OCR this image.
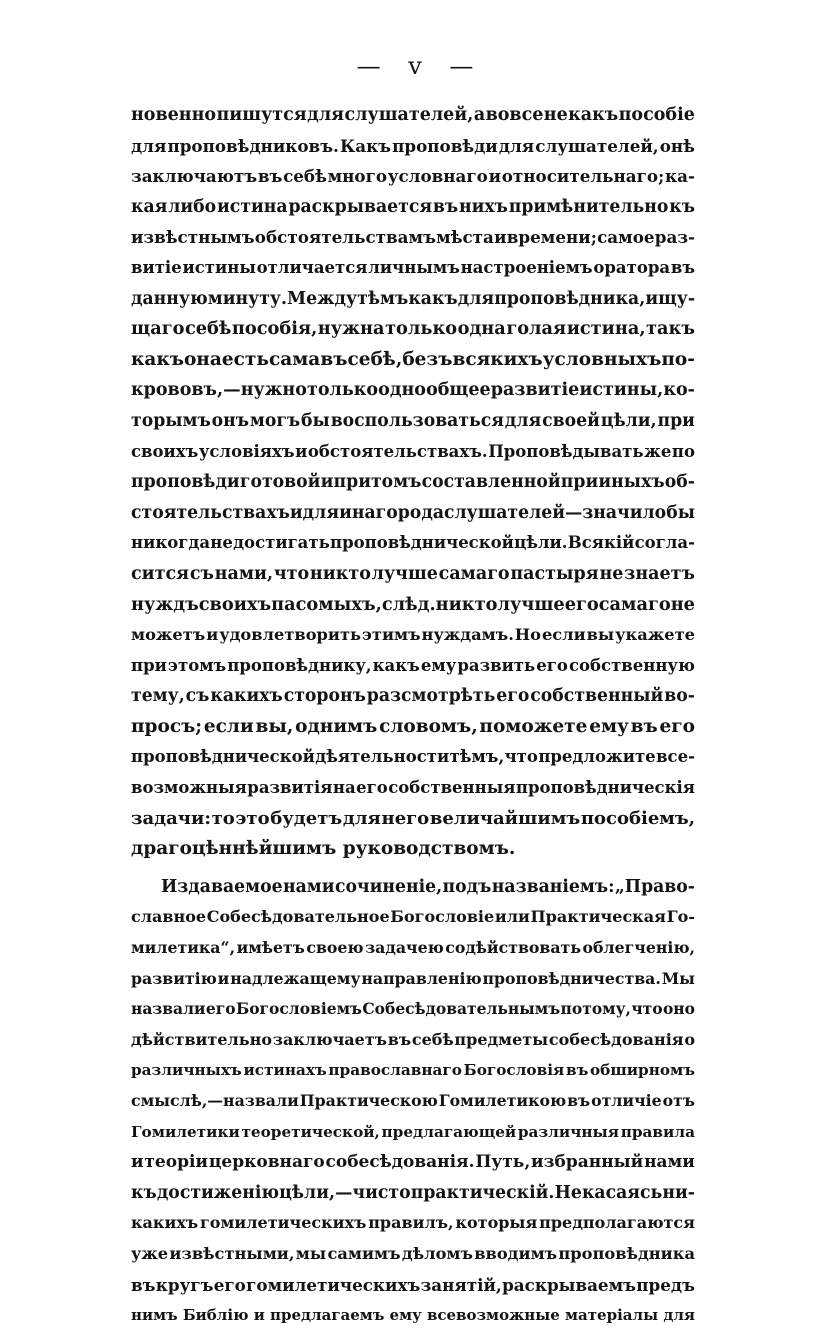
— v —
новенно пишутся для слушателей, а вовсе не какъ пособіе
для проповѣдниковъ. Какъ проповѣди для слушателей, онѣ
заключаютъ въ себѣ много условнаго и относительнаго; ка-
кая либо истина раскрывается въ нихъ примѣнительно къ
извѣстнымъ обстоятельствамъ мѣста и времени; самое раз-
витіе истины отличается личнымъ настроеніемъ оратора въ
данную минуту. Между тѣмъ какъ для проповѣдника, ищу-
щаго себѣ пособія, нужна только одна голая истина, такъ
какъ она есть сама въ себѣ, безъ всякихъ условныхъ по-
крововъ, — нужно только одно общее развитіе истины, ко-
торымъ онъ могъ бы воспользоваться для своей цѣли, при
своихъ условіяхъ и обстоятельствахъ. Проповѣдывать же по
проповѣди готовой и притомъ составленной при иныхъ об-
стоятельствахъ и для инаго рода слушателей — значило бы
никогда не достигать проповѣднической цѣли. Всякій согла-
сится съ нами, что никто лучше самаго пастыря не знаетъ
нуждъ своихъ пасомыхъ, слѣд. никто лучше его самаго не
можетъ и удовлетворить этимъ нуждамъ. Но если вы укажете
при этомъ проповѣднику, какъ ему развить его собственную
тему, съ какихъ сторонъ разсмотрѣть его собственный во-
просъ; если вы, однимъ словомъ, поможете ему въ его
проповѣднической дѣятельности тѣмъ, что предложите все-
возможныя развитія на его собственныя проповѣдническія
задачи: то это будетъ для него величайшимъ пособіемъ,
драгоцѣннѣйшимъ руководствомъ.
Издаваемое нами сочиненіе, подъ названіемъ: „Право-
славное Собесѣдовательное Богословіе или Практическая Го-
милетика“, имѣетъ своею задачею содѣйствовать облегченію,
развитію и надлежащему направленію проповѣдничества. Мы
назвали его Богословіемъ Собесѣдовательнымъ потому, что оно
дѣйствительно заключаетъ въ себѣ предметы собесѣдованія о
различныхъ истинахъ православнаго Богословія въ обширномъ
смыслѣ,—назвали Практическою Гомилетикою въ отличіе отъ
Гомилетики теоретической, предлагающей различныя правила
и теоріи церковнаго собесѣдованія. Путь, избранный нами
къ достиженію цѣли, — чисто практическій. Не касаясь ни-
какихъ гомилетическихъ правилъ, которыя предполагаются
уже извѣстными, мы самимъ дѣломъ вводимъ проповѣдника
въ кругъ его гомилетическихъ занятій, раскрываемъ предъ
нимъ Библію и предлагаемъ ему всевозможные матеріалы для
